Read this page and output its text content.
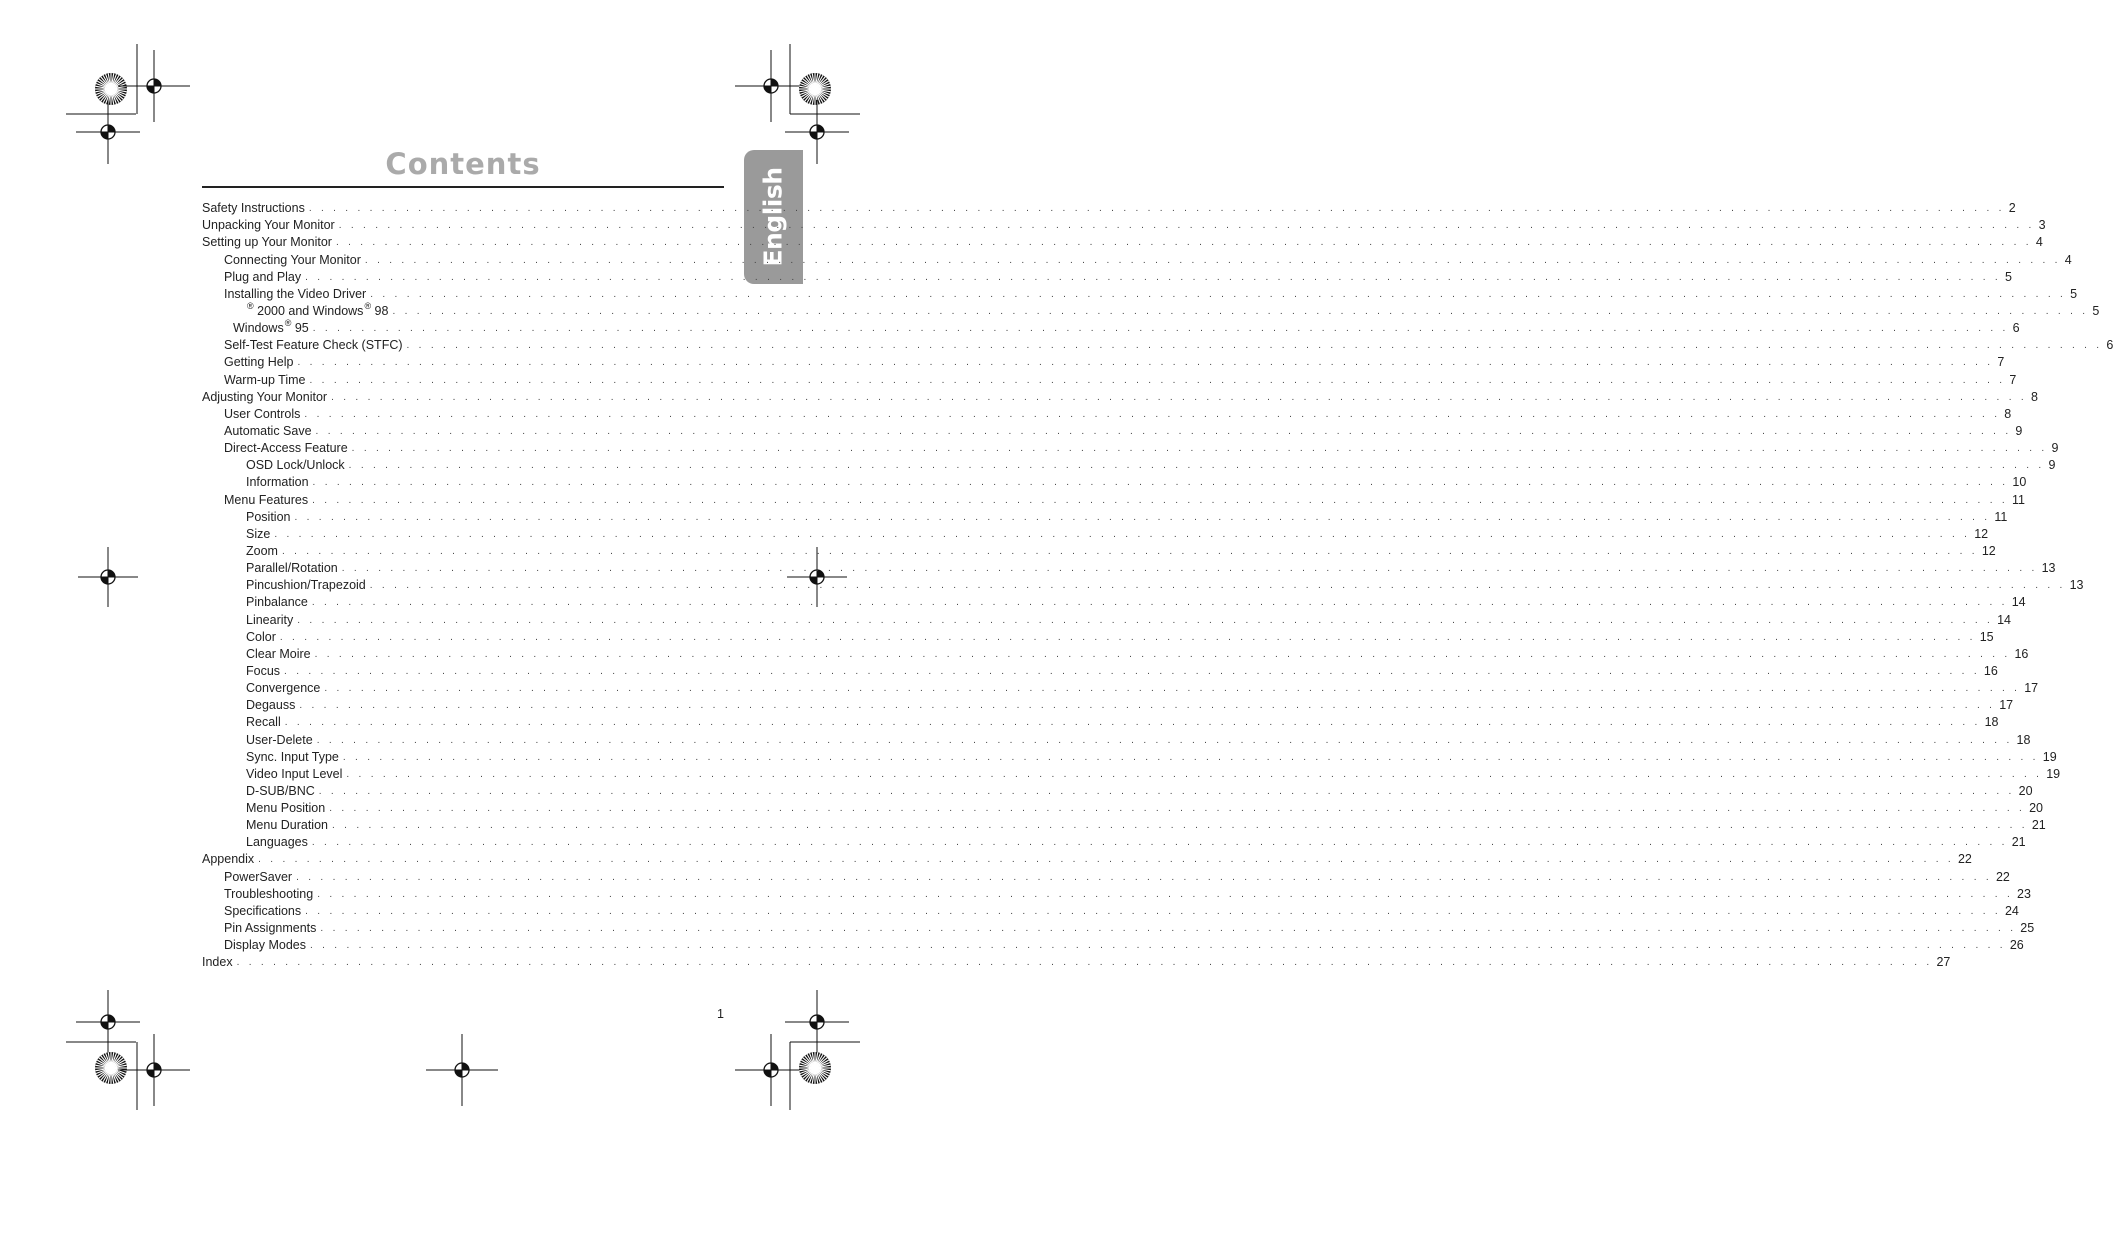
English
Contents
Safety Instructions . . . . . . . . . . . . . . . . . . . . . . . . . . . . . . . . . . . . . . . . . . . . . . . . . . . . . . . . . . . . . . . . . . . . . . . . . . . . . . . . . . . . . . . . . . . . . . . . . . . . . . . . . . . . . . . . . . . . . . . . . . . . . . . . . . . . . . . . . . . . 2
Unpacking Your Monitor . . . . . . . . . . . . . . . . . . . . . . . . . . . . . . . . . . . . . . . . . . . . . . . . . . . . . . . . . . . . . . . . . . . . . . . . . . . . . . . . . . . . . . . . . . . . . . . . . . . . . . . . . . . . . . . . . . . . . . . . . . . . . . . . . . . . . . . . . . . . 3
Setting up Your Monitor . . . . . . . . . . . . . . . . . . . . . . . . . . . . . . . . . . . . . . . . . . . . . . . . . . . . . . . . . . . . . . . . . . . . . . . . . . . . . . . . . . . . . . . . . . . . . . . . . . . . . . . . . . . . . . . . . . . . . . . . . . . . . . . . . . . . . . . . . . . . 4
Connecting Your Monitor . . . . . . . . . . . . . . . . . . . . . . . . . . . . . . . . . . . . . . . . . . . . . . . . . . . . . . . . . . . . . . . . . . . . . . . . . . . . . . . . . . . . . . . . . . . . . . . . . . . . . . . . . . . . . . . . . . . . . . . . . . . . . . . . . . . . . . . . . . . . 4
Plug and Play . . . . . . . . . . . . . . . . . . . . . . . . . . . . . . . . . . . . . . . . . . . . . . . . . . . . . . . . . . . . . . . . . . . . . . . . . . . . . . . . . . . . . . . . . . . . . . . . . . . . . . . . . . . . . . . . . . . . . . . . . . . . . . . . . . . . . . . . . . . . 5
Installing the Video Driver . . . . . . . . . . . . . . . . . . . . . . . . . . . . . . . . . . . . . . . . . . . . . . . . . . . . . . . . . . . . . . . . . . . . . . . . . . . . . . . . . . . . . . . . . . . . . . . . . . . . . . . . . . . . . . . . . . . . . . . . . . . . . . . . . . . . . . . . . . . . 5
® 2000 and Windows® 98 . . . . . . . . . . . . . . . . . . . . . . . . . . . . . . . . . . . . . . . . . . . . . . . . . . . . . . . . . . . . . . . . . . . . . . . . . . . . . . . . . . . . . . . . . . . . . . . . . . . . . . . . . . . . . . . . . . . . . . . . . . . . . . . . . . . . . . . . . . . . 5
Windows® 95 . . . . . . . . . . . . . . . . . . . . . . . . . . . . . . . . . . . . . . . . . . . . . . . . . . . . . . . . . . . . . . . . . . . . . . . . . . . . . . . . . . . . . . . . . . . . . . . . . . . . . . . . . . . . . . . . . . . . . . . . . . . . . . . . . . . . . . . . . . . . 6
Self-Test Feature Check (STFC) . . . . . . . . . . . . . . . . . . . . . . . . . . . . . . . . . . . . . . . . . . . . . . . . . . . . . . . . . . . . . . . . . . . . . . . . . . . . . . . . . . . . . . . . . . . . . . . . . . . . . . . . . . . . . . . . . . . . . . . . . . . . . . . . . . . . . . . . . . . . 6
Getting Help . . . . . . . . . . . . . . . . . . . . . . . . . . . . . . . . . . . . . . . . . . . . . . . . . . . . . . . . . . . . . . . . . . . . . . . . . . . . . . . . . . . . . . . . . . . . . . . . . . . . . . . . . . . . . . . . . . . . . . . . . . . . . . . . . . . . . . . . . . . . 7
Warm-up Time . . . . . . . . . . . . . . . . . . . . . . . . . . . . . . . . . . . . . . . . . . . . . . . . . . . . . . . . . . . . . . . . . . . . . . . . . . . . . . . . . . . . . . . . . . . . . . . . . . . . . . . . . . . . . . . . . . . . . . . . . . . . . . . . . . . . . . . . . . . . 7
Adjusting Your Monitor . . . . . . . . . . . . . . . . . . . . . . . . . . . . . . . . . . . . . . . . . . . . . . . . . . . . . . . . . . . . . . . . . . . . . . . . . . . . . . . . . . . . . . . . . . . . . . . . . . . . . . . . . . . . . . . . . . . . . . . . . . . . . . . . . . . . . . . . . . . . 8
User Controls . . . . . . . . . . . . . . . . . . . . . . . . . . . . . . . . . . . . . . . . . . . . . . . . . . . . . . . . . . . . . . . . . . . . . . . . . . . . . . . . . . . . . . . . . . . . . . . . . . . . . . . . . . . . . . . . . . . . . . . . . . . . . . . . . . . . . . . . . . . . 8
Automatic Save . . . . . . . . . . . . . . . . . . . . . . . . . . . . . . . . . . . . . . . . . . . . . . . . . . . . . . . . . . . . . . . . . . . . . . . . . . . . . . . . . . . . . . . . . . . . . . . . . . . . . . . . . . . . . . . . . . . . . . . . . . . . . . . . . . . . . . . . . . . . 9
Direct-Access Feature . . . . . . . . . . . . . . . . . . . . . . . . . . . . . . . . . . . . . . . . . . . . . . . . . . . . . . . . . . . . . . . . . . . . . . . . . . . . . . . . . . . . . . . . . . . . . . . . . . . . . . . . . . . . . . . . . . . . . . . . . . . . . . . . . . . . . . . . . . . . 9
OSD Lock/Unlock . . . . . . . . . . . . . . . . . . . . . . . . . . . . . . . . . . . . . . . . . . . . . . . . . . . . . . . . . . . . . . . . . . . . . . . . . . . . . . . . . . . . . . . . . . . . . . . . . . . . . . . . . . . . . . . . . . . . . . . . . . . . . . . . . . . . . . . . . . . . 9
Information . . . . . . . . . . . . . . . . . . . . . . . . . . . . . . . . . . . . . . . . . . . . . . . . . . . . . . . . . . . . . . . . . . . . . . . . . . . . . . . . . . . . . . . . . . . . . . . . . . . . . . . . . . . . . . . . . . . . . . . . . . . . . . . . . . . . . . . . . . . . 10
Menu Features . . . . . . . . . . . . . . . . . . . . . . . . . . . . . . . . . . . . . . . . . . . . . . . . . . . . . . . . . . . . . . . . . . . . . . . . . . . . . . . . . . . . . . . . . . . . . . . . . . . . . . . . . . . . . . . . . . . . . . . . . . . . . . . . . . . . . . . . . . . . 11
Position . . . . . . . . . . . . . . . . . . . . . . . . . . . . . . . . . . . . . . . . . . . . . . . . . . . . . . . . . . . . . . . . . . . . . . . . . . . . . . . . . . . . . . . . . . . . . . . . . . . . . . . . . . . . . . . . . . . . . . . . . . . . . . . . . . . . . . . . . . . . 11
Size . . . . . . . . . . . . . . . . . . . . . . . . . . . . . . . . . . . . . . . . . . . . . . . . . . . . . . . . . . . . . . . . . . . . . . . . . . . . . . . . . . . . . . . . . . . . . . . . . . . . . . . . . . . . . . . . . . . . . . . . . . . . . . . . . . . . . . . . . . . . 12
Zoom . . . . . . . . . . . . . . . . . . . . . . . . . . . . . . . . . . . . . . . . . . . . . . . . . . . . . . . . . . . . . . . . . . . . . . . . . . . . . . . . . . . . . . . . . . . . . . . . . . . . . . . . . . . . . . . . . . . . . . . . . . . . . . . . . . . . . . . . . . . . 12
Parallel/Rotation . . . . . . . . . . . . . . . . . . . . . . . . . . . . . . . . . . . . . . . . . . . . . . . . . . . . . . . . . . . . . . . . . . . . . . . . . . . . . . . . . . . . . . . . . . . . . . . . . . . . . . . . . . . . . . . . . . . . . . . . . . . . . . . . . . . . . . . . . . . . 13
Pincushion/Trapezoid . . . . . . . . . . . . . . . . . . . . . . . . . . . . . . . . . . . . . . . . . . . . . . . . . . . . . . . . . . . . . . . . . . . . . . . . . . . . . . . . . . . . . . . . . . . . . . . . . . . . . . . . . . . . . . . . . . . . . . . . . . . . . . . . . . . . . . . . . . . . 13
Pinbalance . . . . . . . . . . . . . . . . . . . . . . . . . . . . . . . . . . . . . . . . . . . . . . . . . . . . . . . . . . . . . . . . . . . . . . . . . . . . . . . . . . . . . . . . . . . . . . . . . . . . . . . . . . . . . . . . . . . . . . . . . . . . . . . . . . . . . . . . . . . . 14
Linearity . . . . . . . . . . . . . . . . . . . . . . . . . . . . . . . . . . . . . . . . . . . . . . . . . . . . . . . . . . . . . . . . . . . . . . . . . . . . . . . . . . . . . . . . . . . . . . . . . . . . . . . . . . . . . . . . . . . . . . . . . . . . . . . . . . . . . . . . . . . . 14
Color . . . . . . . . . . . . . . . . . . . . . . . . . . . . . . . . . . . . . . . . . . . . . . . . . . . . . . . . . . . . . . . . . . . . . . . . . . . . . . . . . . . . . . . . . . . . . . . . . . . . . . . . . . . . . . . . . . . . . . . . . . . . . . . . . . . . . . . . . . . . 15
Clear Moire . . . . . . . . . . . . . . . . . . . . . . . . . . . . . . . . . . . . . . . . . . . . . . . . . . . . . . . . . . . . . . . . . . . . . . . . . . . . . . . . . . . . . . . . . . . . . . . . . . . . . . . . . . . . . . . . . . . . . . . . . . . . . . . . . . . . . . . . . . . . 16
Focus . . . . . . . . . . . . . . . . . . . . . . . . . . . . . . . . . . . . . . . . . . . . . . . . . . . . . . . . . . . . . . . . . . . . . . . . . . . . . . . . . . . . . . . . . . . . . . . . . . . . . . . . . . . . . . . . . . . . . . . . . . . . . . . . . . . . . . . . . . . . 16
Convergence . . . . . . . . . . . . . . . . . . . . . . . . . . . . . . . . . . . . . . . . . . . . . . . . . . . . . . . . . . . . . . . . . . . . . . . . . . . . . . . . . . . . . . . . . . . . . . . . . . . . . . . . . . . . . . . . . . . . . . . . . . . . . . . . . . . . . . . . . . . . 17
Degauss . . . . . . . . . . . . . . . . . . . . . . . . . . . . . . . . . . . . . . . . . . . . . . . . . . . . . . . . . . . . . . . . . . . . . . . . . . . . . . . . . . . . . . . . . . . . . . . . . . . . . . . . . . . . . . . . . . . . . . . . . . . . . . . . . . . . . . . . . . . . 17
Recall . . . . . . . . . . . . . . . . . . . . . . . . . . . . . . . . . . . . . . . . . . . . . . . . . . . . . . . . . . . . . . . . . . . . . . . . . . . . . . . . . . . . . . . . . . . . . . . . . . . . . . . . . . . . . . . . . . . . . . . . . . . . . . . . . . . . . . . . . . . . 18
User-Delete . . . . . . . . . . . . . . . . . . . . . . . . . . . . . . . . . . . . . . . . . . . . . . . . . . . . . . . . . . . . . . . . . . . . . . . . . . . . . . . . . . . . . . . . . . . . . . . . . . . . . . . . . . . . . . . . . . . . . . . . . . . . . . . . . . . . . . . . . . . . 18
Sync. Input Type . . . . . . . . . . . . . . . . . . . . . . . . . . . . . . . . . . . . . . . . . . . . . . . . . . . . . . . . . . . . . . . . . . . . . . . . . . . . . . . . . . . . . . . . . . . . . . . . . . . . . . . . . . . . . . . . . . . . . . . . . . . . . . . . . . . . . . . . . . . . 19
Video Input Level . . . . . . . . . . . . . . . . . . . . . . . . . . . . . . . . . . . . . . . . . . . . . . . . . . . . . . . . . . . . . . . . . . . . . . . . . . . . . . . . . . . . . . . . . . . . . . . . . . . . . . . . . . . . . . . . . . . . . . . . . . . . . . . . . . . . . . . . . . . . 19
D-SUB/BNC . . . . . . . . . . . . . . . . . . . . . . . . . . . . . . . . . . . . . . . . . . . . . . . . . . . . . . . . . . . . . . . . . . . . . . . . . . . . . . . . . . . . . . . . . . . . . . . . . . . . . . . . . . . . . . . . . . . . . . . . . . . . . . . . . . . . . . . . . . . . 20
Menu Position . . . . . . . . . . . . . . . . . . . . . . . . . . . . . . . . . . . . . . . . . . . . . . . . . . . . . . . . . . . . . . . . . . . . . . . . . . . . . . . . . . . . . . . . . . . . . . . . . . . . . . . . . . . . . . . . . . . . . . . . . . . . . . . . . . . . . . . . . . . . 20
Menu Duration . . . . . . . . . . . . . . . . . . . . . . . . . . . . . . . . . . . . . . . . . . . . . . . . . . . . . . . . . . . . . . . . . . . . . . . . . . . . . . . . . . . . . . . . . . . . . . . . . . . . . . . . . . . . . . . . . . . . . . . . . . . . . . . . . . . . . . . . . . . . 21
Languages . . . . . . . . . . . . . . . . . . . . . . . . . . . . . . . . . . . . . . . . . . . . . . . . . . . . . . . . . . . . . . . . . . . . . . . . . . . . . . . . . . . . . . . . . . . . . . . . . . . . . . . . . . . . . . . . . . . . . . . . . . . . . . . . . . . . . . . . . . . . 21
Appendix . . . . . . . . . . . . . . . . . . . . . . . . . . . . . . . . . . . . . . . . . . . . . . . . . . . . . . . . . . . . . . . . . . . . . . . . . . . . . . . . . . . . . . . . . . . . . . . . . . . . . . . . . . . . . . . . . . . . . . . . . . . . . . . . . . . . . . . . . . . . 22
PowerSaver . . . . . . . . . . . . . . . . . . . . . . . . . . . . . . . . . . . . . . . . . . . . . . . . . . . . . . . . . . . . . . . . . . . . . . . . . . . . . . . . . . . . . . . . . . . . . . . . . . . . . . . . . . . . . . . . . . . . . . . . . . . . . . . . . . . . . . . . . . . . 22
Troubleshooting . . . . . . . . . . . . . . . . . . . . . . . . . . . . . . . . . . . . . . . . . . . . . . . . . . . . . . . . . . . . . . . . . . . . . . . . . . . . . . . . . . . . . . . . . . . . . . . . . . . . . . . . . . . . . . . . . . . . . . . . . . . . . . . . . . . . . . . . . . . . 23
Specifications . . . . . . . . . . . . . . . . . . . . . . . . . . . . . . . . . . . . . . . . . . . . . . . . . . . . . . . . . . . . . . . . . . . . . . . . . . . . . . . . . . . . . . . . . . . . . . . . . . . . . . . . . . . . . . . . . . . . . . . . . . . . . . . . . . . . . . . . . . . . 24
Pin Assignments . . . . . . . . . . . . . . . . . . . . . . . . . . . . . . . . . . . . . . . . . . . . . . . . . . . . . . . . . . . . . . . . . . . . . . . . . . . . . . . . . . . . . . . . . . . . . . . . . . . . . . . . . . . . . . . . . . . . . . . . . . . . . . . . . . . . . . . . . . . . 25
Display Modes . . . . . . . . . . . . . . . . . . . . . . . . . . . . . . . . . . . . . . . . . . . . . . . . . . . . . . . . . . . . . . . . . . . . . . . . . . . . . . . . . . . . . . . . . . . . . . . . . . . . . . . . . . . . . . . . . . . . . . . . . . . . . . . . . . . . . . . . . . . . 26
Index . . . . . . . . . . . . . . . . . . . . . . . . . . . . . . . . . . . . . . . . . . . . . . . . . . . . . . . . . . . . . . . . . . . . . . . . . . . . . . . . . . . . . . . . . . . . . . . . . . . . . . . . . . . . . . . . . . . . . . . . . . . . . . . . . . . . . . . . . . . . 27
1
